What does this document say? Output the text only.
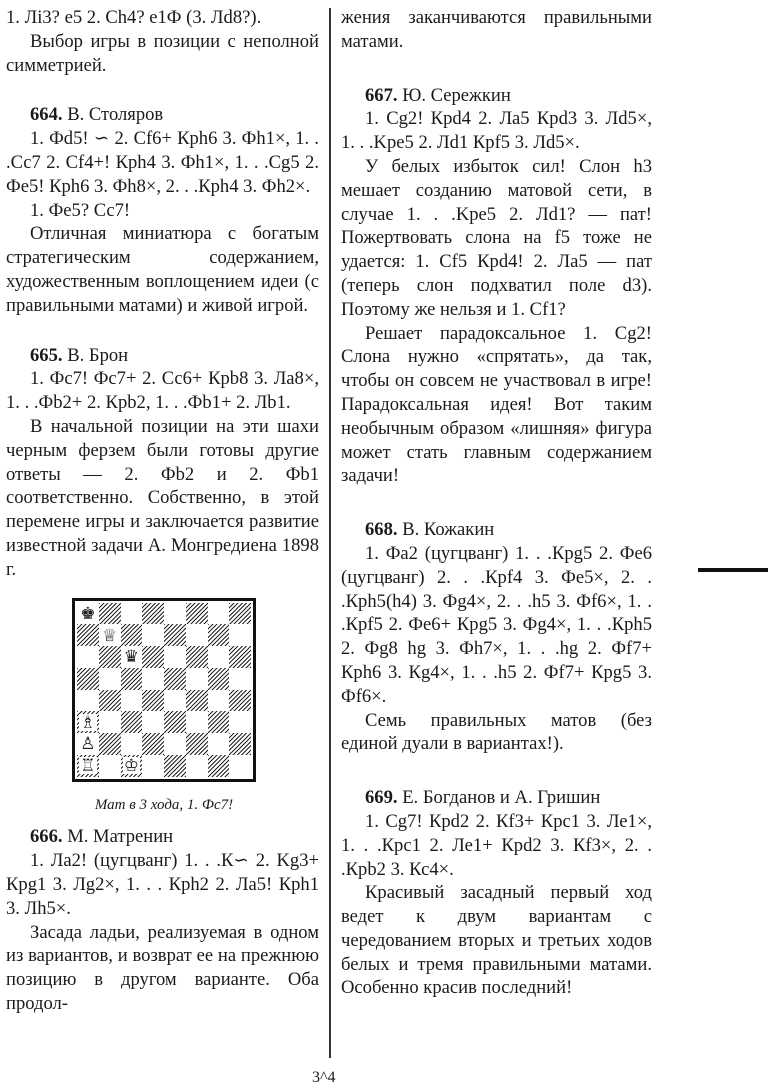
1. Лі3? е5 2. Сh4? е1Ф (3. Лd8?).

Выбор игры в позиции с неполной симметрией.

664. В. Столяров

1. Фd5! ∽ 2. Сf6+ Крh6 3. Фh1×, 1. . .Сс7 2. Сf4+! Крh4 3. Фh1×, 1. . .Сg5 2. Фе5! Крh6 3. Фh8×, 2. . .Крh4 3. Фh2×.

1. Фе5? Сс7!

Отличная миниатюра с богатым стратегическим содержанием, художественным воплощением идеи (с правильными матами) и живой игрой.

665. В. Брон

1. Фс7! Фс7+ 2. Сс6+ Крb8 3. Ла8×, 1. . .Фb2+ 2. Крb2, 1. . .Фb1+ 2. Лb1.

В начальной позиции на эти шахи черным ферзем были готовы другие ответы — 2. Фb2 и 2. Фb1 соответственно. Собственно, в этой перемене игры и заключается развитие известной задачи А. Монгредиена 1898 г.

♚
♕
♛
♗
♙
♖ ♔
Мат в 3 хода, 1. Фс7!

666. М. Матренин

1. Ла2! (цугцванг) 1. . .К∽ 2. Kg3+ Крg1 3. Лg2×, 1. . . Крh2 2. Ла5! Крh1 3. Лh5×.

Засада ладьи, реализуемая в одном из вариантов, и возврат ее на прежнюю позицию в другом варианте. Оба продол-

жения заканчиваются правильными матами.

667. Ю. Сережкин

1. Сg2! Крd4 2. Ла5 Крd3 3. Лd5×, 1. . .Kpe5 2. Лd1 Крf5 3. Лd5×.

У белых избыток сил! Слон h3 мешает созданию матовой сети, в случае 1. . .Kpe5 2. Лd1? — пат! Пожертвовать слона на f5 тоже не удается: 1. Сf5 Крd4! 2. Ла5 — пат (теперь слон подхватил поле d3). Поэтому же нельзя и 1. Сf1?

Решает парадоксальное 1. Сg2! Слона нужно «спрятать», да так, чтобы он совсем не участвовал в игре! Парадоксальная идея! Вот таким необычным образом «лишняя» фигура может стать главным содержанием задачи!

668. В. Кожакин

1. Фа2 (цугцванг) 1. . .Крg5 2. Фе6 (цугцванг) 2. . .Крf4 3. Фе5×, 2. . .Крh5(h4) 3. Фg4×, 2. . .h5 3. Фf6×, 1. . .Крf5 2. Фе6+ Крg5 3. Фg4×, 1. . .Крh5 2. Фg8 hg 3. Фh7×, 1. . .hg 2. Фf7+ Крh6 3. Кg4×, 1. . .h5 2. Фf7+ Крg5 3. Фf6×.

Семь правильных матов (без единой дуали в вариантах!).

669. Е. Богданов и А. Гришин

1. Сg7! Крd2 2. Кf3+ Крс1 3. Ле1×, 1. . .Крс1 2. Ле1+ Крd2 3. Кf3×, 2. . .Крb2 3. Кс4×.

Красивый засадный первый ход ведет к двум вариантам с чередованием вторых и третьих ходов белых и тремя правильными матами. Особенно красив последний!

3^4
